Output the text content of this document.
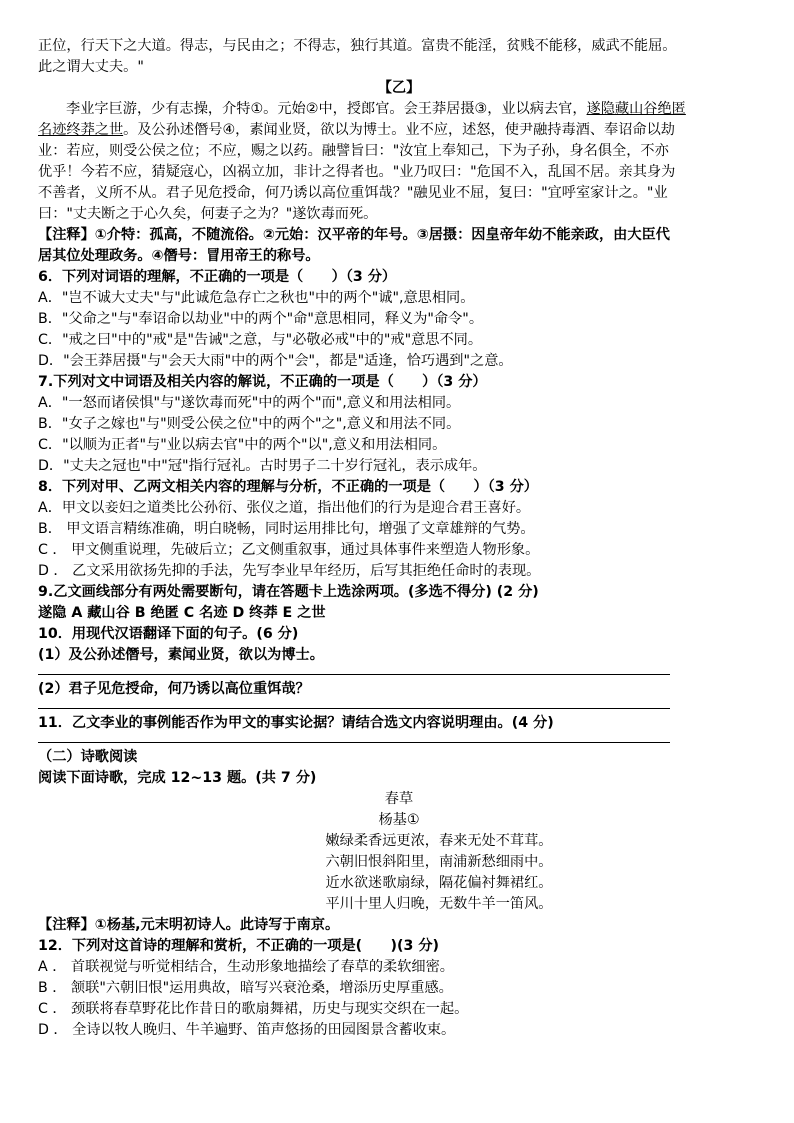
正位，行天下之大道。得志，与民由之；不得志，独行其道。富贵不能淫，贫贱不能移，威武不能屈。
此之谓大丈夫。"
【乙】
李业字巨游，少有志操，介特①。元始②中，授郎官。会王莽居摄③，业以病去官，遂隐藏山谷绝匿
名迹终莽之世。及公孙述僭号④，素闻业贤，欲以为博士。业不应，述怒，使尹融持毒酒、奉诏命以劫
业：若应，则受公侯之位；不应，赐之以药。融譬旨曰："汝宜上奉知己，下为子孙，身名俱全，不亦
优乎！今若不应，猜疑寇心，凶祸立加，非计之得者也。"业乃叹曰："危国不入，乱国不居。亲其身为
不善者，义所不从。君子见危授命，何乃诱以高位重饵哉？"融见业不屈，复曰："宜呼室家计之。"业
曰："丈夫断之于心久矣，何妻子之为？"遂饮毒而死。
【注释】①介特：孤高，不随流俗。②元始：汉平帝的年号。③居摄：因皇帝年幼不能亲政，由大臣代
居其位处理政务。④僭号：冒用帝王的称号。
6．下列对词语的理解，不正确的一项是（　　）（3 分）
A．"岂不诚大丈夫"与"此诚危急存亡之秋也"中的两个"诚",意思相同。
B．"父命之"与"奉诏命以劫业"中的两个"命"意思相同，释义为"命令"。
C．"戒之曰"中的"戒"是"告诫"之意，与"必敬必戒"中的"戒"意思不同。
D．"会王莽居摄"与"会天大雨"中的两个"会"，都是"适逢，恰巧遇到"之意。
7.下列对文中词语及相关内容的解说，不正确的一项是（　　）（3 分）
A．"一怒而诸侯惧"与"遂饮毒而死"中的两个"而",意义和用法相同。
B．"女子之嫁也"与"则受公侯之位"中的两个"之",意义和用法不同。
C．"以顺为正者"与"业以病去官"中的两个"以",意义和用法相同。
D．"丈夫之冠也"中"冠"指行冠礼。古时男子二十岁行冠礼，表示成年。
8．下列对甲、乙两文相关内容的理解与分析，不正确的一项是（　　）（3 分）
A．甲文以妾妇之道类比公孙衍、张仪之道，指出他们的行为是迎合君王喜好。
B． 甲文语言精练准确，明白晓畅，同时运用排比句，增强了文章雄辩的气势。
C ． 甲文侧重说理，先破后立；乙文侧重叙事，通过具体事件来塑造人物形象。
D ． 乙文采用欲扬先抑的手法，先写李业早年经历，后写其拒绝任命时的表现。
9.乙文画线部分有两处需要断句，请在答题卡上选涂两项。(多选不得分) (2 分)
遂隐 A 藏山谷 B 绝匿 C 名迹 D 终莽 E 之世
10．用现代汉语翻译下面的句子。(6 分)
(1）及公孙述僭号，素闻业贤，欲以为博士。
(2）君子见危授命，何乃诱以高位重饵哉？
11．乙文李业的事例能否作为甲文的事实论据？请结合选文内容说明理由。(4 分)
（二）诗歌阅读
阅读下面诗歌，完成 12~13 题。(共 7 分)
春草
杨基①
嫩绿柔香远更浓，春来无处不茸茸。
六朝旧恨斜阳里，南浦新愁细雨中。
近水欲迷歌扇绿，隔花偏衬舞裙红。
平川十里人归晚，无数牛羊一笛风。
【注释】①杨基,元末明初诗人。此诗写于南京。
12．下列对这首诗的理解和赏析，不正确的一项是(　　)(3 分)
A ． 首联视觉与听觉相结合，生动形象地描绘了春草的柔软细密。
B ． 颔联"六朝旧恨"运用典故，暗写兴衰沧桑，增添历史厚重感。
C ． 颈联将春草野花比作昔日的歌扇舞裙，历史与现实交织在一起。
D ． 全诗以牧人晚归、牛羊遍野、笛声悠扬的田园图景含蓄收束。
